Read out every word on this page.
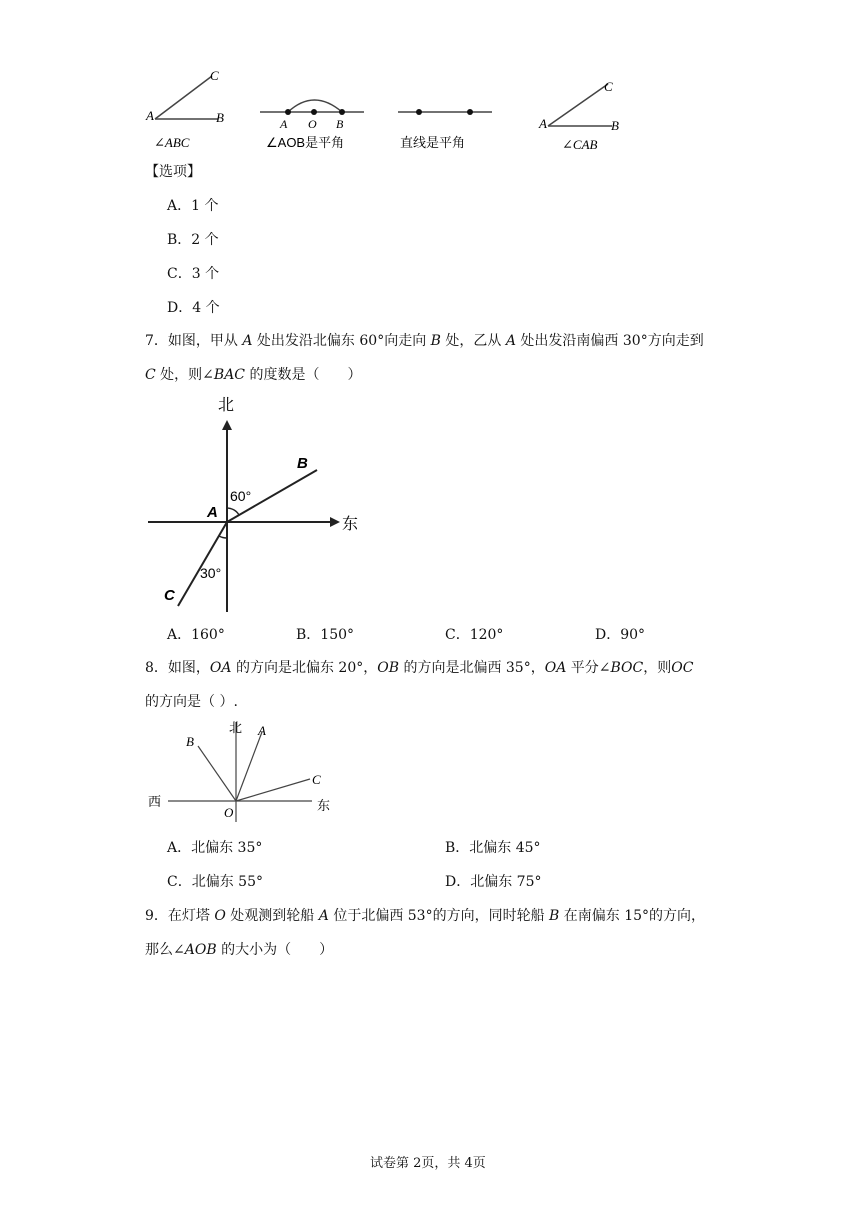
C
A	B
∠ABC
A O B
∠AOB是平角	直线是平角
C
A	B
∠CAB
【选项】
A．1 个
B．2 个
C．3 个
D．4 个
7．如图，甲从 A 处出发沿北偏东 60°向走向 B 处，乙从 A 处出发沿南偏西 30°方向走到
C 处，则∠BAC 的度数是（　　）
北
东
A
B
C
60°
30°
A．160°	B．150°	C．120°	D．90°
8．如图，OA 的方向是北偏东 20°，OB 的方向是北偏西 35°，OA 平分∠BOC，则OC
的方向是（ ）.
北
西	东
A
B
C
O
A．北偏东 35°	B．北偏东 45°
C．北偏东 55°	D．北偏东 75°
9．在灯塔 O 处观测到轮船 A 位于北偏西 53°的方向，同时轮船 B 在南偏东 15°的方向，
那么∠AOB 的大小为（　　）
试卷第 2页，共 4页
